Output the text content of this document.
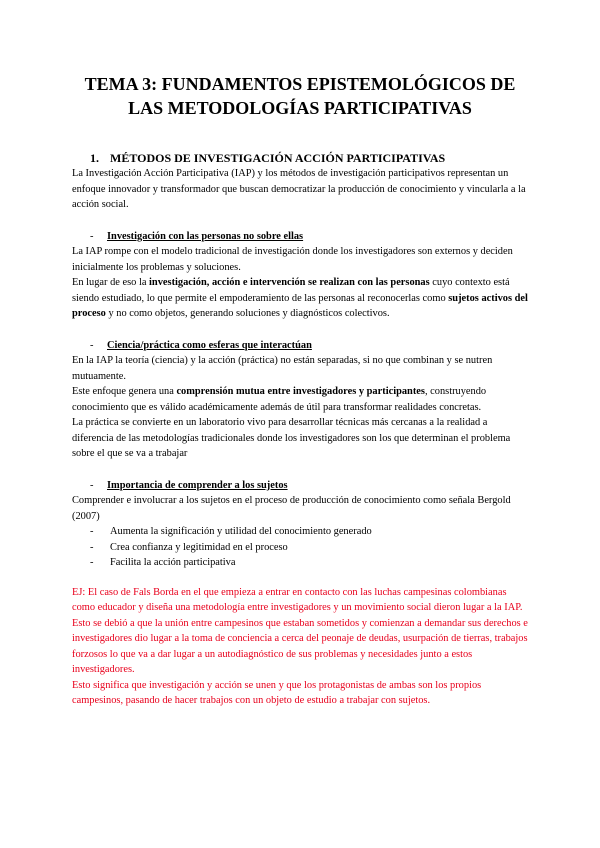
TEMA 3: FUNDAMENTOS EPISTEMOLÓGICOS DE
LAS METODOLOGÍAS PARTICIPATIVAS
1. MÉTODOS DE INVESTIGACIÓN ACCIÓN PARTICIPATIVAS

La Investigación Acción Participativa (IAP) y los métodos de investigación participativos representan un enfoque innovador y transformador que buscan democratizar la producción de conocimiento y vincularla a la acción social.

- Investigación con las personas no sobre ellas

La IAP rompe con el modelo tradicional de investigación donde los investigadores son externos y deciden inicialmente los problemas y soluciones.

En lugar de eso la investigación, acción e intervención se realizan con las personas cuyo contexto está siendo estudiado, lo que permite el empoderamiento de las personas al reconocerlas como sujetos activos del proceso y no como objetos, generando soluciones y diagnósticos colectivos.

- Ciencia/práctica como esferas que interactúan

En la IAP la teoría (ciencia) y la acción (práctica) no están separadas, si no que combinan y se nutren mutuamente.

Este enfoque genera una comprensión mutua entre investigadores y participantes, construyendo conocimiento que es válido académicamente además de útil para transformar realidades concretas.

La práctica se convierte en un laboratorio vivo para desarrollar técnicas más cercanas a la realidad a diferencia de las metodologías tradicionales donde los investigadores son los que determinan el problema sobre el que se va a trabajar

- Importancia de comprender a los sujetos

Comprender e involucrar a los sujetos en el proceso de producción de conocimiento como señala Bergold (2007)

- Aumenta la significación y utilidad del conocimiento generado
- Crea confianza y legitimidad en el proceso
- Facilita la acción participativa

EJ: El caso de Fals Borda en el que empieza a entrar en contacto con las luchas campesinas colombianas como educador y diseña una metodología entre investigadores y un movimiento social dieron lugar a la IAP.

Esto se debió a que la unión entre campesinos que estaban sometidos y comienzan a demandar sus derechos e investigadores dio lugar a la toma de conciencia a cerca del peonaje de deudas, usurpación de tierras, trabajos forzosos lo que va a dar lugar a un autodiagnóstico de sus problemas y necesidades junto a estos investigadores.

Esto significa que investigación y acción se unen y que los protagonistas de ambas son los propios campesinos, pasando de hacer trabajos con un objeto de estudio a trabajar con sujetos.
